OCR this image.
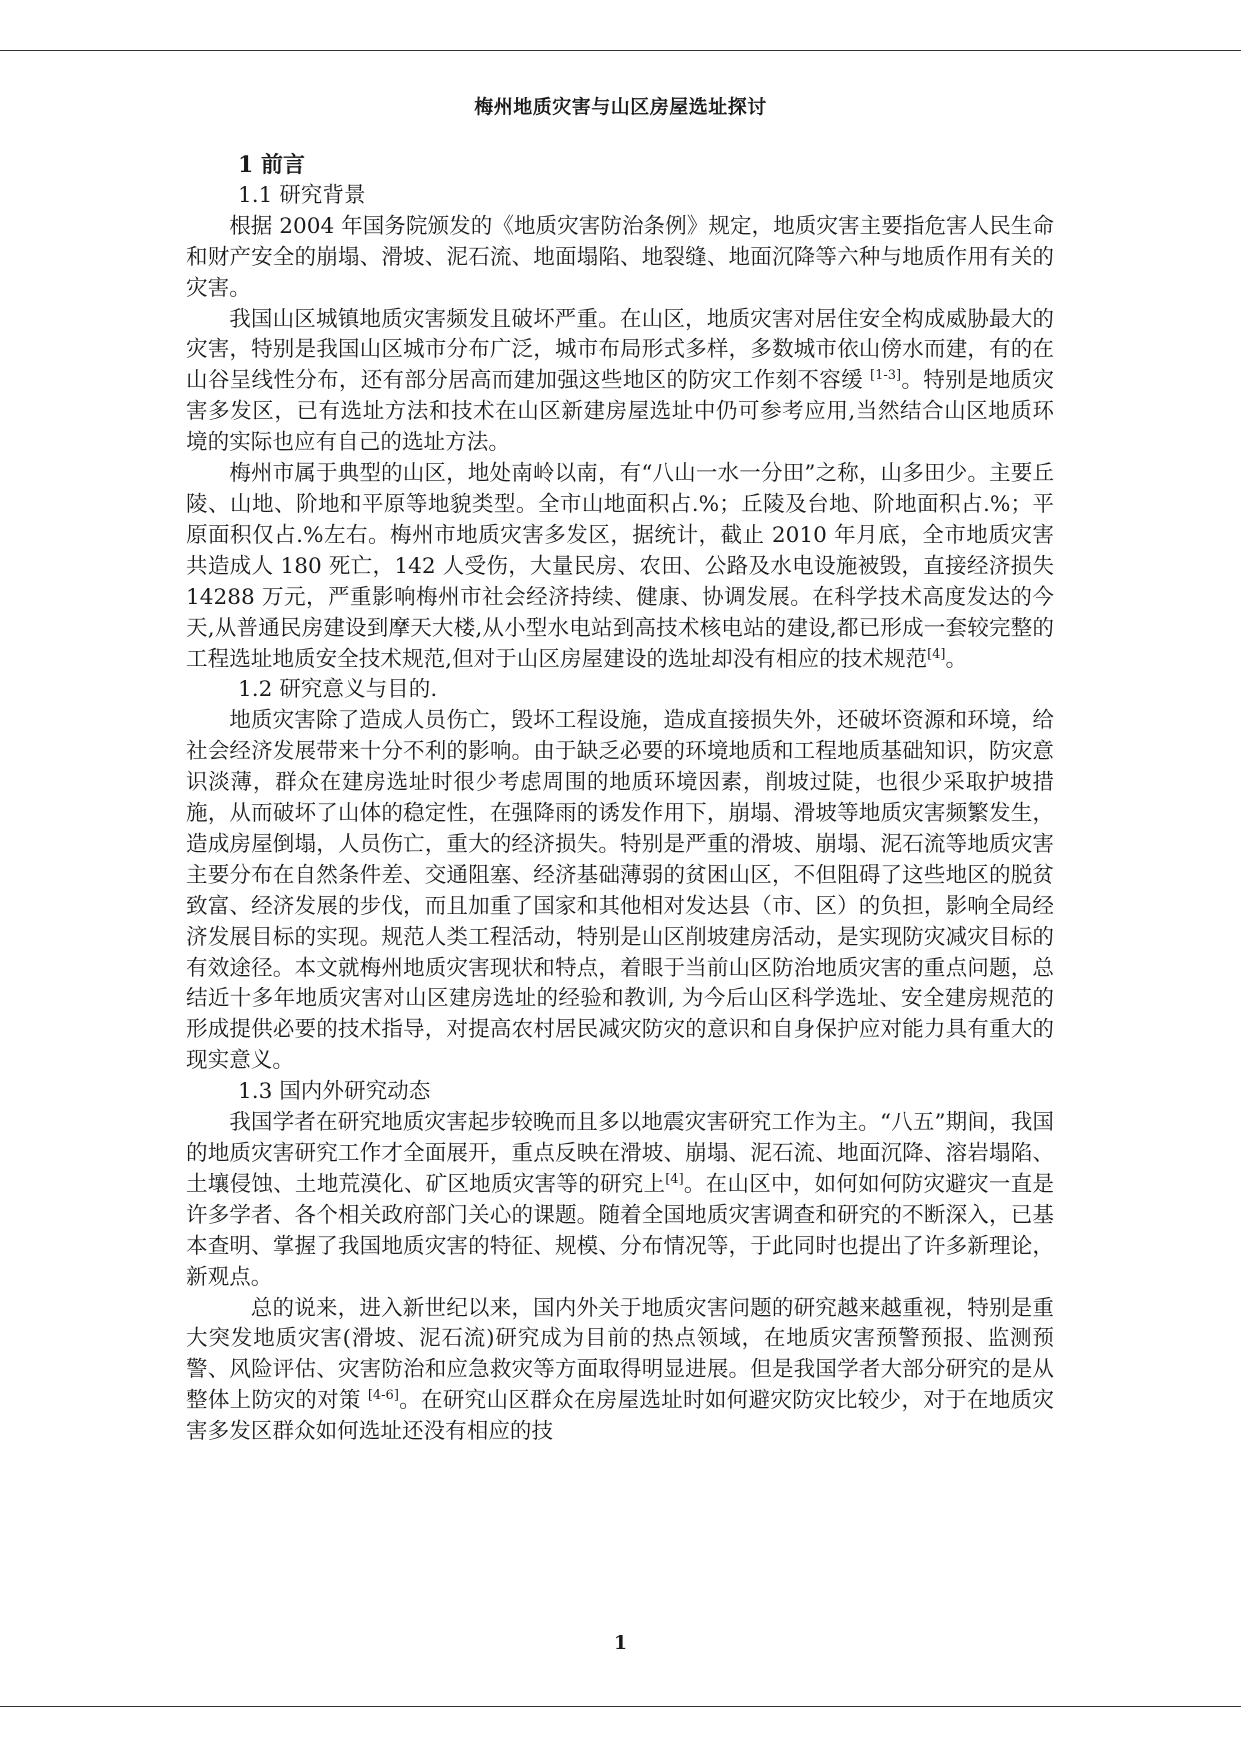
梅州地质灾害与山区房屋选址探讨
1 前言
1.1 研究背景

根据 2004 年国务院颁发的《地质灾害防治条例》规定，地质灾害主要指危害人民生命和财产安全的崩塌、滑坡、泥石流、地面塌陷、地裂缝、地面沉降等六种与地质作用有关的灾害。

我国山区城镇地质灾害频发且破坏严重。在山区，地质灾害对居住安全构成威胁最大的灾害，特别是我国山区城市分布广泛，城市布局形式多样，多数城市依山傍水而建，有的在山谷呈线性分布，还有部分居高而建加强这些地区的防灾工作刻不容缓 [1-3]。特别是地质灾害多发区，已有选址方法和技术在山区新建房屋选址中仍可参考应用,当然结合山区地质环境的实际也应有自己的选址方法。

梅州市属于典型的山区，地处南岭以南，有“八山一水一分田”之称，山多田少。主要丘陵、山地、阶地和平原等地貌类型。全市山地面积占.%；丘陵及台地、阶地面积占.%；平原面积仅占.%左右。梅州市地质灾害多发区，据统计，截止 2010 年月底，全市地质灾害共造成人 180 死亡，142 人受伤，大量民房、农田、公路及水电设施被毁，直接经济损失 14288 万元，严重影响梅州市社会经济持续、健康、协调发展。在科学技术高度发达的今天,从普通民房建设到摩天大楼,从小型水电站到高技术核电站的建设,都已形成一套较完整的工程选址地质安全技术规范,但对于山区房屋建设的选址却没有相应的技术规范[4]。

1.2 研究意义与目的.

地质灾害除了造成人员伤亡，毁坏工程设施，造成直接损失外，还破坏资源和环境，给社会经济发展带来十分不利的影响。由于缺乏必要的环境地质和工程地质基础知识，防灾意识淡薄，群众在建房选址时很少考虑周围的地质环境因素，削坡过陡，也很少采取护坡措施，从而破坏了山体的稳定性，在强降雨的诱发作用下，崩塌、滑坡等地质灾害频繁发生，造成房屋倒塌，人员伤亡，重大的经济损失。特别是严重的滑坡、崩塌、泥石流等地质灾害主要分布在自然条件差、交通阻塞、经济基础薄弱的贫困山区，不但阻碍了这些地区的脱贫致富、经济发展的步伐，而且加重了国家和其他相对发达县（市、区）的负担，影响全局经济发展目标的实现。规范人类工程活动，特别是山区削坡建房活动，是实现防灾减灾目标的有效途径。本文就梅州地质灾害现状和特点，着眼于当前山区防治地质灾害的重点问题，总结近十多年地质灾害对山区建房选址的经验和教训, 为今后山区科学选址、安全建房规范的形成提供必要的技术指导，对提高农村居民减灾防灾的意识和自身保护应对能力具有重大的现实意义。

1.3 国内外研究动态

我国学者在研究地质灾害起步较晚而且多以地震灾害研究工作为主。“八五”期间，我国的地质灾害研究工作才全面展开，重点反映在滑坡、崩塌、泥石流、地面沉降、溶岩塌陷、土壤侵蚀、土地荒漠化、矿区地质灾害等的研究上[4]。在山区中，如何如何防灾避灾一直是许多学者、各个相关政府部门关心的课题。随着全国地质灾害调查和研究的不断深入，已基本查明、掌握了我国地质灾害的特征、规模、分布情况等，于此同时也提出了许多新理论，新观点。

总的说来，进入新世纪以来，国内外关于地质灾害问题的研究越来越重视，特别是重大突发地质灾害(滑坡、泥石流)研究成为目前的热点领域，在地质灾害预警预报、监测预警、风险评估、灾害防治和应急救灾等方面取得明显进展。但是我国学者大部分研究的是从整体上防灾的对策 [4-6]。在研究山区群众在房屋选址时如何避灾防灾比较少，对于在地质灾害多发区群众如何选址还没有相应的技

1
